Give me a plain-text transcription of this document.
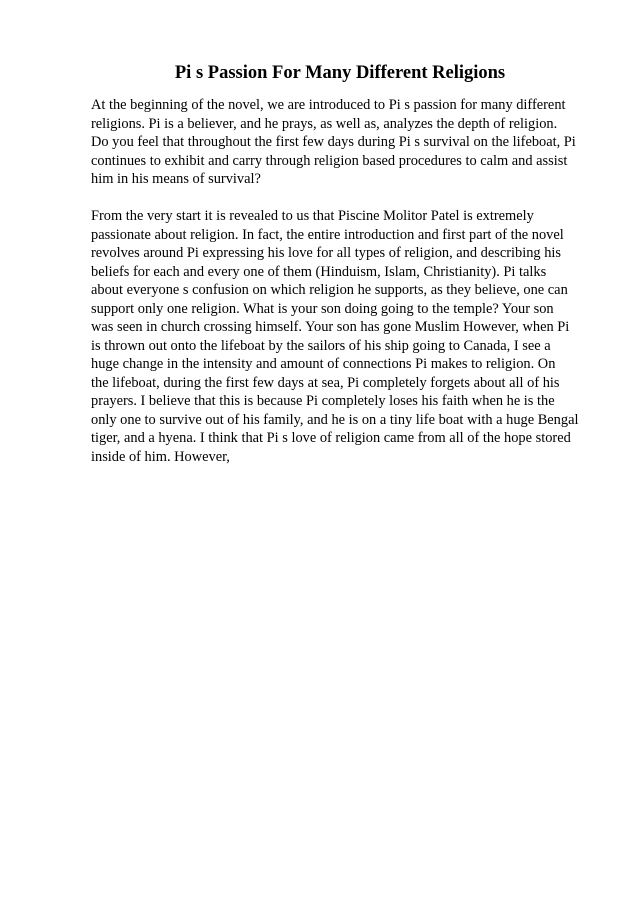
Pi s Passion For Many Different Religions
At the beginning of the novel, we are introduced to Pi s passion for many different
religions. Pi is a believer, and he prays, as well as, analyzes the depth of religion.
Do you feel that throughout the first few days during Pi s survival on the lifeboat, Pi
continues to exhibit and carry through religion based procedures to calm and assist
him in his means of survival?
From the very start it is revealed to us that Piscine Molitor Patel is extremely
passionate about religion. In fact, the entire introduction and first part of the novel
revolves around Pi expressing his love for all types of religion, and describing his
beliefs for each and every one of them (Hinduism, Islam, Christianity). Pi talks
about everyone s confusion on which religion he supports, as they believe, one can
support only one religion. What is your son doing going to the temple? Your son
was seen in church crossing himself. Your son has gone Muslim However, when Pi
is thrown out onto the lifeboat by the sailors of his ship going to Canada, I see a
huge change in the intensity and amount of connections Pi makes to religion. On
the lifeboat, during the first few days at sea, Pi completely forgets about all of his
prayers. I believe that this is because Pi completely loses his faith when he is the
only one to survive out of his family, and he is on a tiny life boat with a huge Bengal
tiger, and a hyena. I think that Pi s love of religion came from all of the hope stored
inside of him. However,
